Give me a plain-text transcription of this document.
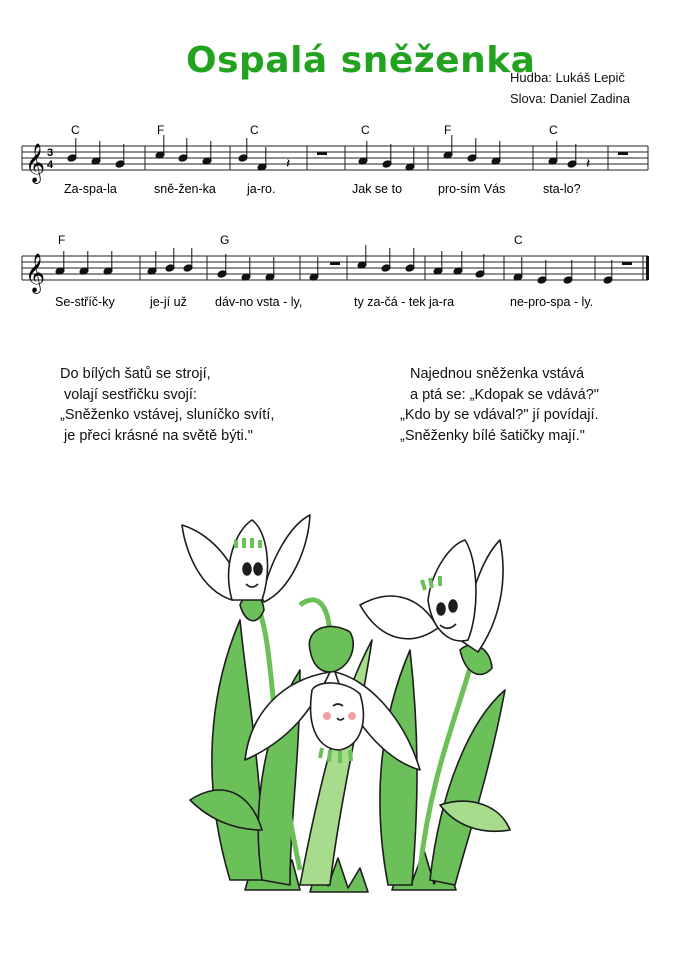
Ospalá sněženka
Hudba: Lukáš Lepič
Slova: Daniel Zadina
𝄞 3
4	𝄽	𝄽
C	F	C	C	F	C
Za-spa-la	sně-žen-ka ja-ro.	Jak se to	pro-sím Vás	sta-lo?
𝄞
F	G	C
Se-stříč-ky	je-jí už dáv-no vsta - ly,	ty za-čá - tek ja-ra	ne-pro-spa - ly.
Do bílých šatů se strojí,
volají sestřičku svojí:
„Sněženko vstávej, sluníčko svítí,
je přeci krásné na světě býti."
Najednou sněženka vstává
a ptá se: „Kdopak se vdává?"
„Kdo by se vdával?" jí povídají.
„Sněženky bílé šatičky mají."
